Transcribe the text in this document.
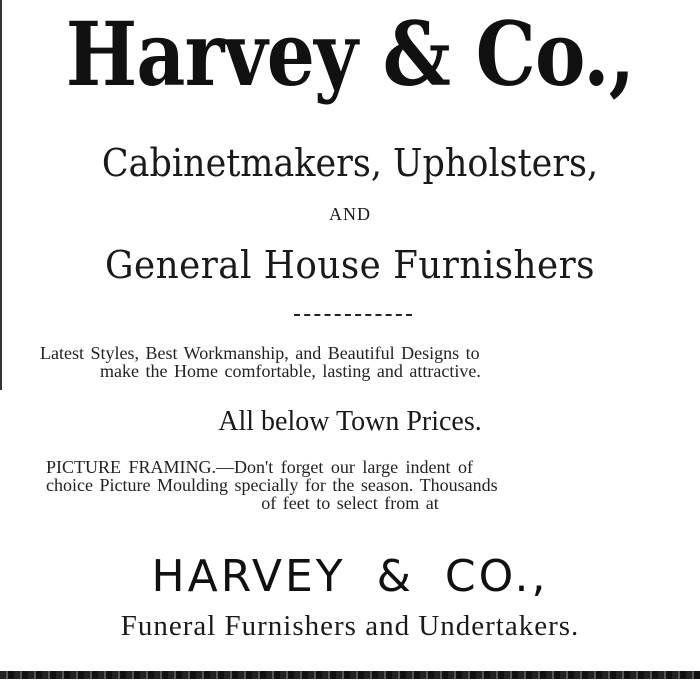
Harvey & Co.,
Cabinetmakers, Upholsters,
AND
General House Furnishers
Latest Styles, Best Workmanship, and Beautiful Designs to
make the Home comfortable, lasting and attractive.
All below Town Prices.
PICTURE FRAMING.—Don't forget our large indent of
choice Picture Moulding specially for the season. Thousands
of feet to select from at
HARVEY & CO.,
Funeral Furnishers and Undertakers.
